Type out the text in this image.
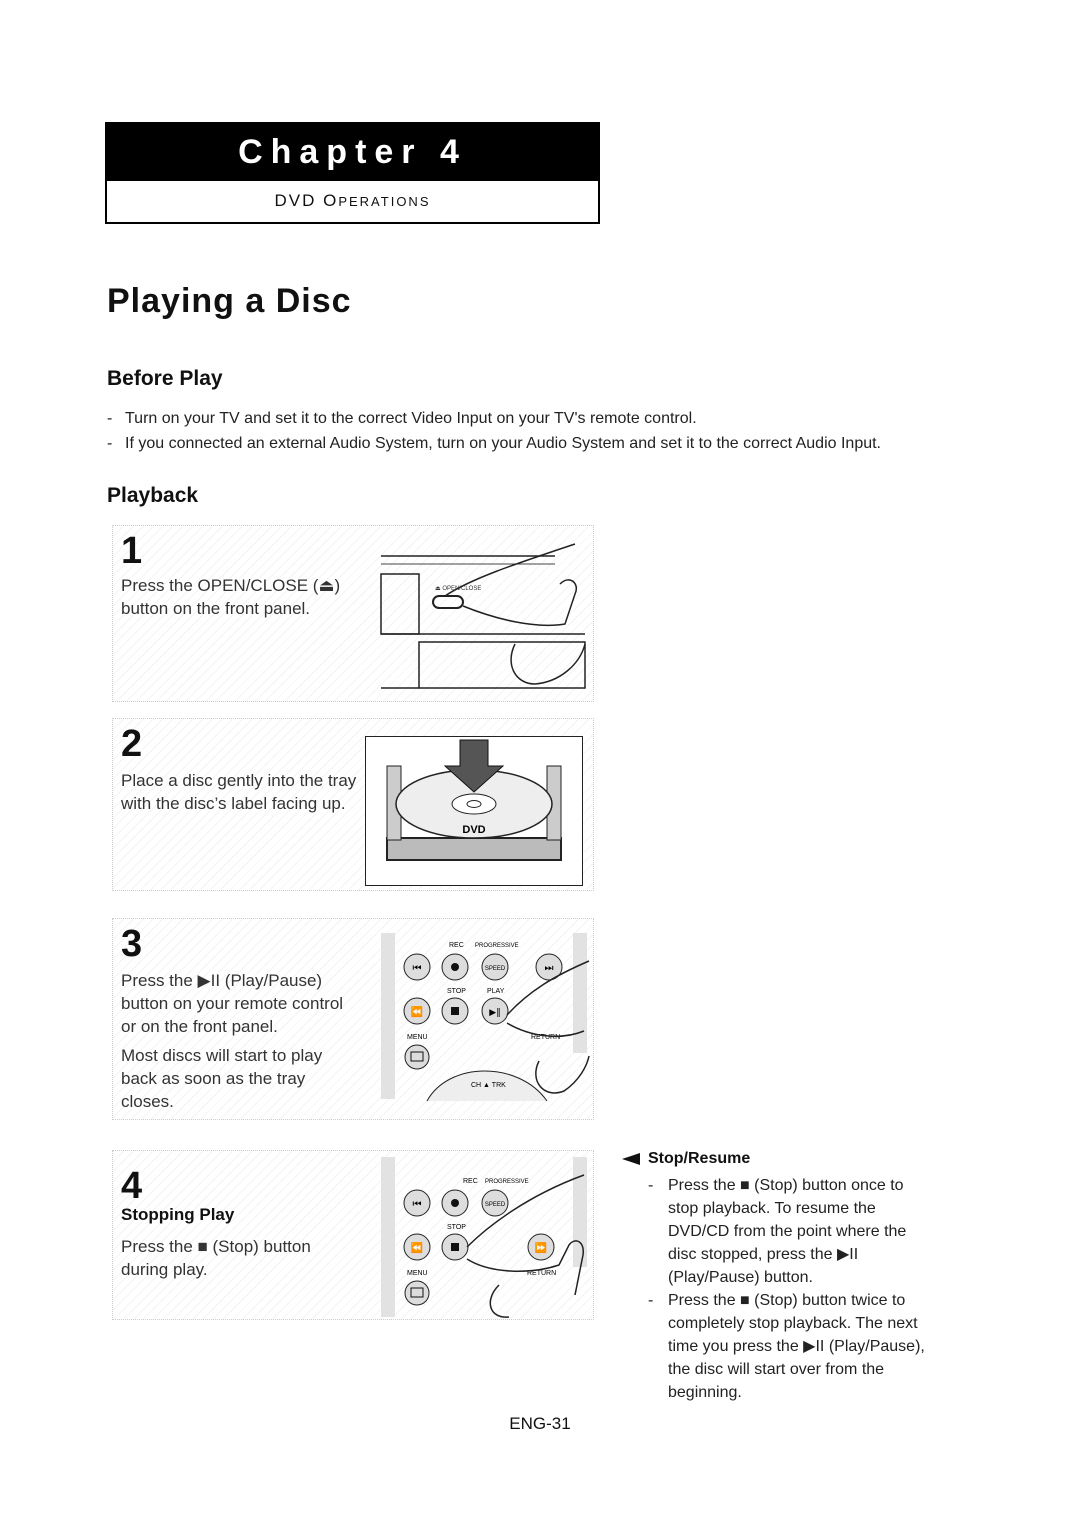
Chapter 4
DVD OPERATIONS
Playing a Disc
Before Play
- Turn on your TV and set it to the correct Video Input on your TV's remote control.
- If you connected an external Audio System, turn on your Audio System and set it to the correct Audio Input.
Playback
1
Press the OPEN/CLOSE (⏏)
button on the front panel.
⏏ OPEN/CLOSE
2
Place a disc gently into the tray
with the disc’s label facing up.
DVD
3
Press the ▶II (Play/Pause)
button on your remote control
or on the front panel.
Most discs will start to play
back as soon as the tray
closes.
REC PROGRESSIVE
⏮	SPEED	⏭
STOP	PLAY
⏪	▶‖
MENU	RETURN
CH ▲ TRK
4
Stopping Play
Press the ■ (Stop) button
during play.
REC PROGRESSIVE
⏮	SPEED
STOP
⏪	⏩
MENU	RETURN
Stop/Resume
- Press the ■ (Stop) button once to
stop playback. To resume the
DVD/CD from the point where the
disc stopped, press the ▶II
(Play/Pause) button.
- Press the ■ (Stop) button twice to
completely stop playback. The next
time you press the ▶II (Play/Pause),
the disc will start over from the
beginning.
ENG-31
